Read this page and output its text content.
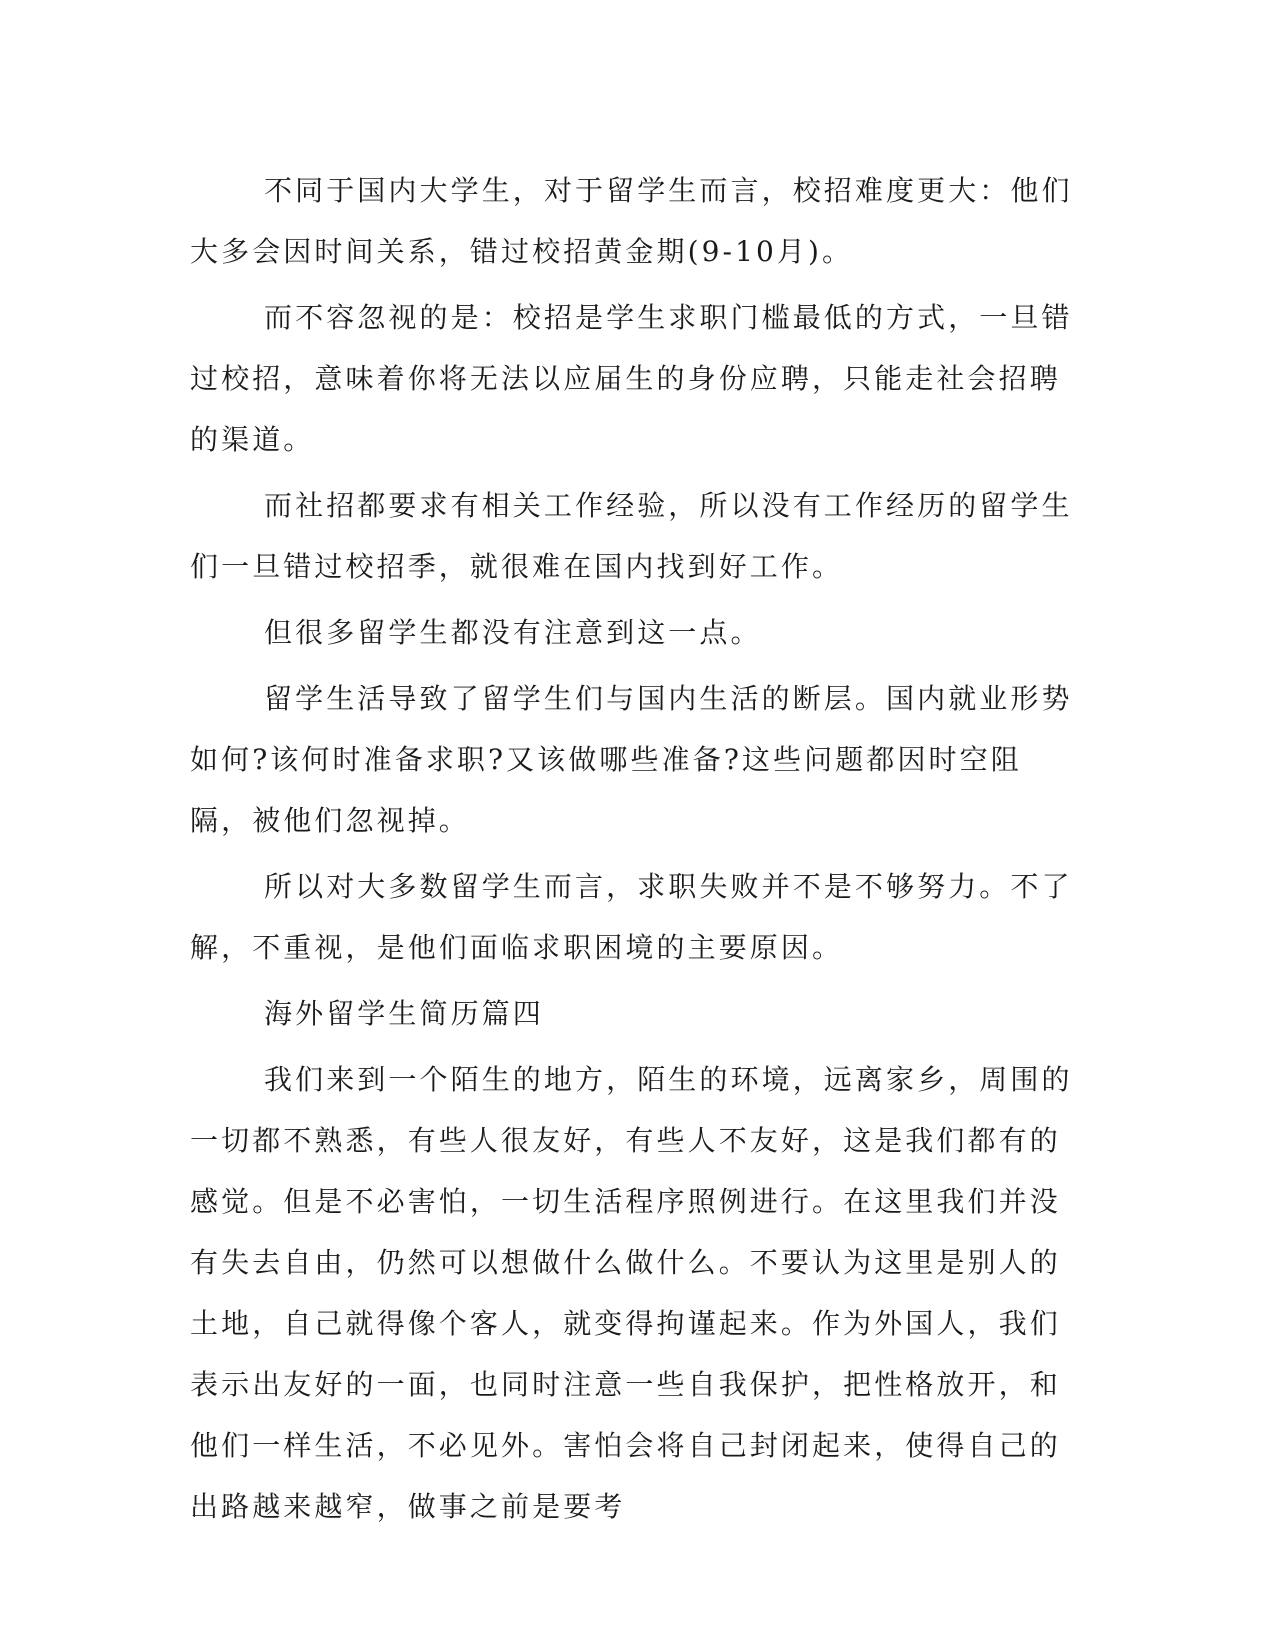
不同于国内大学生，对于留学生而言，校招难度更大：他们大多会因时间关系，错过校招黄金期(9-10月)。

而不容忽视的是：校招是学生求职门槛最低的方式，一旦错过校招，意味着你将无法以应届生的身份应聘，只能走社会招聘的渠道。

而社招都要求有相关工作经验，所以没有工作经历的留学生们一旦错过校招季，就很难在国内找到好工作。

但很多留学生都没有注意到这一点。

留学生活导致了留学生们与国内生活的断层。国内就业形势如何?该何时准备求职?又该做哪些准备?这些问题都因时空阻隔，被他们忽视掉。

所以对大多数留学生而言，求职失败并不是不够努力。不了解，不重视，是他们面临求职困境的主要原因。

海外留学生简历篇四

我们来到一个陌生的地方，陌生的环境，远离家乡，周围的一切都不熟悉，有些人很友好，有些人不友好，这是我们都有的感觉。但是不必害怕，一切生活程序照例进行。在这里我们并没有失去自由，仍然可以想做什么做什么。不要认为这里是别人的土地，自己就得像个客人，就变得拘谨起来。作为外国人，我们表示出友好的一面，也同时注意一些自我保护，把性格放开，和他们一样生活，不必见外。害怕会将自己封闭起来，使得自己的出路越来越窄，做事之前是要考
